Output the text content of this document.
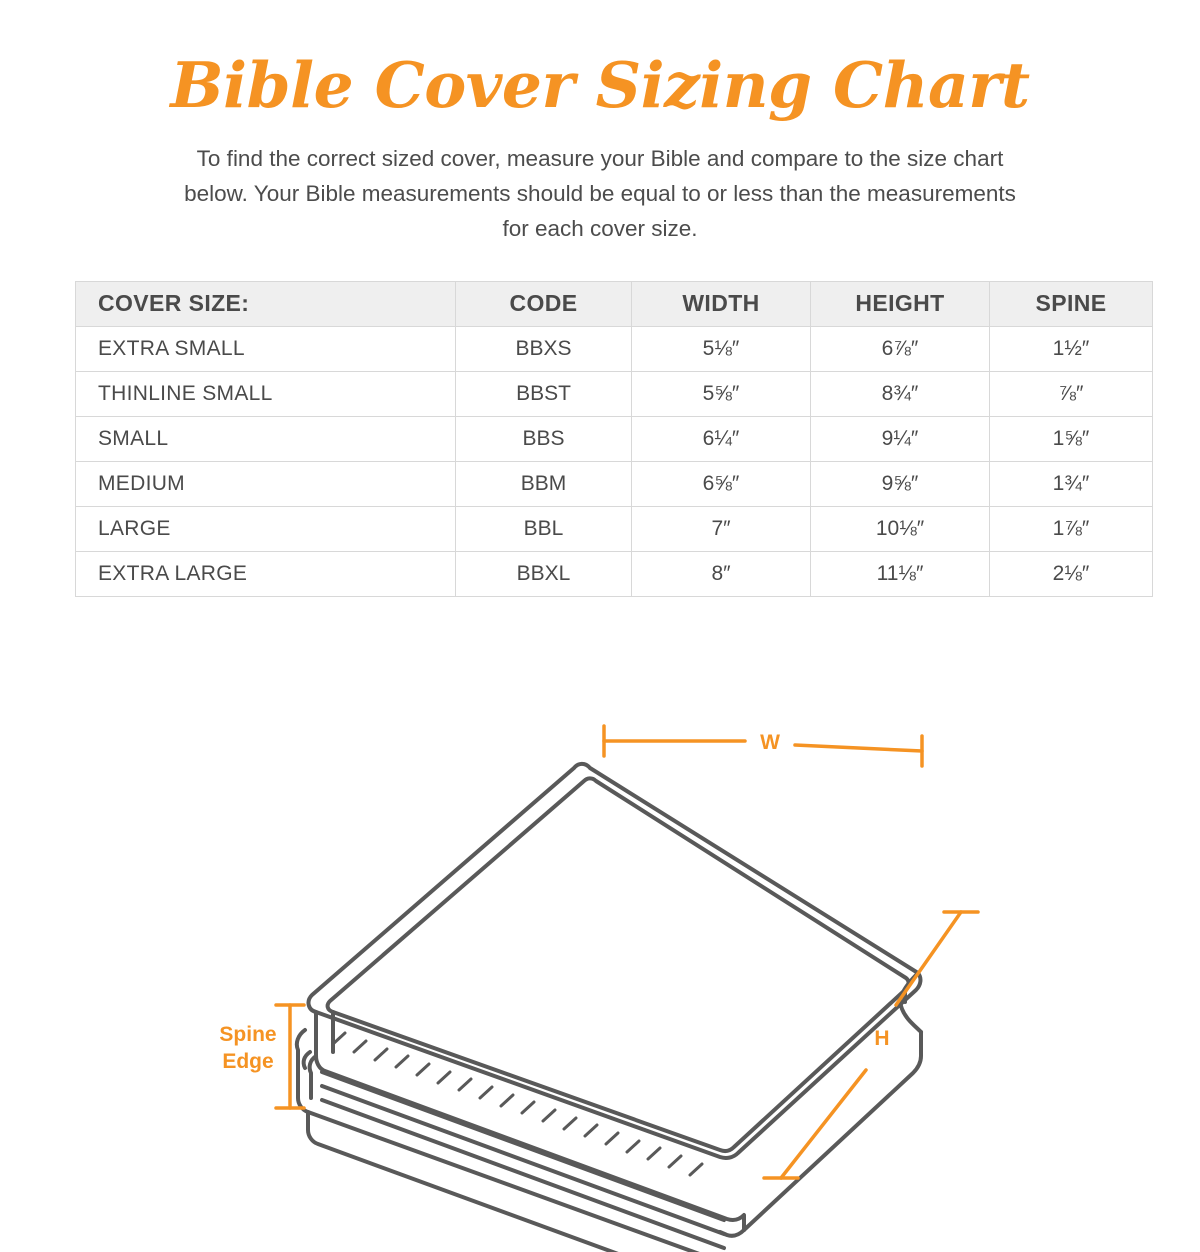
Bible Cover Sizing Chart

To find the correct sized cover, measure your Bible and compare to the size chart below. Your Bible measurements should be equal to or less than the measurements for each cover size.

COVER SIZE:	CODE	WIDTH	HEIGHT	SPINE
EXTRA SMALL	BBXS	5⅛″	6⅞″	1½″
THINLINE SMALL	BBST	5⅝″	8¾″	⅞″
SMALL	BBS	6¼″	9¼″	1⅝″
MEDIUM	BBM	6⅝″	9⅝″	1¾″
LARGE	BBL	7″	10⅛″	1⅞″
EXTRA LARGE	BBXL	8″	11⅛″	2⅛″
W
H
Spine
Edge
